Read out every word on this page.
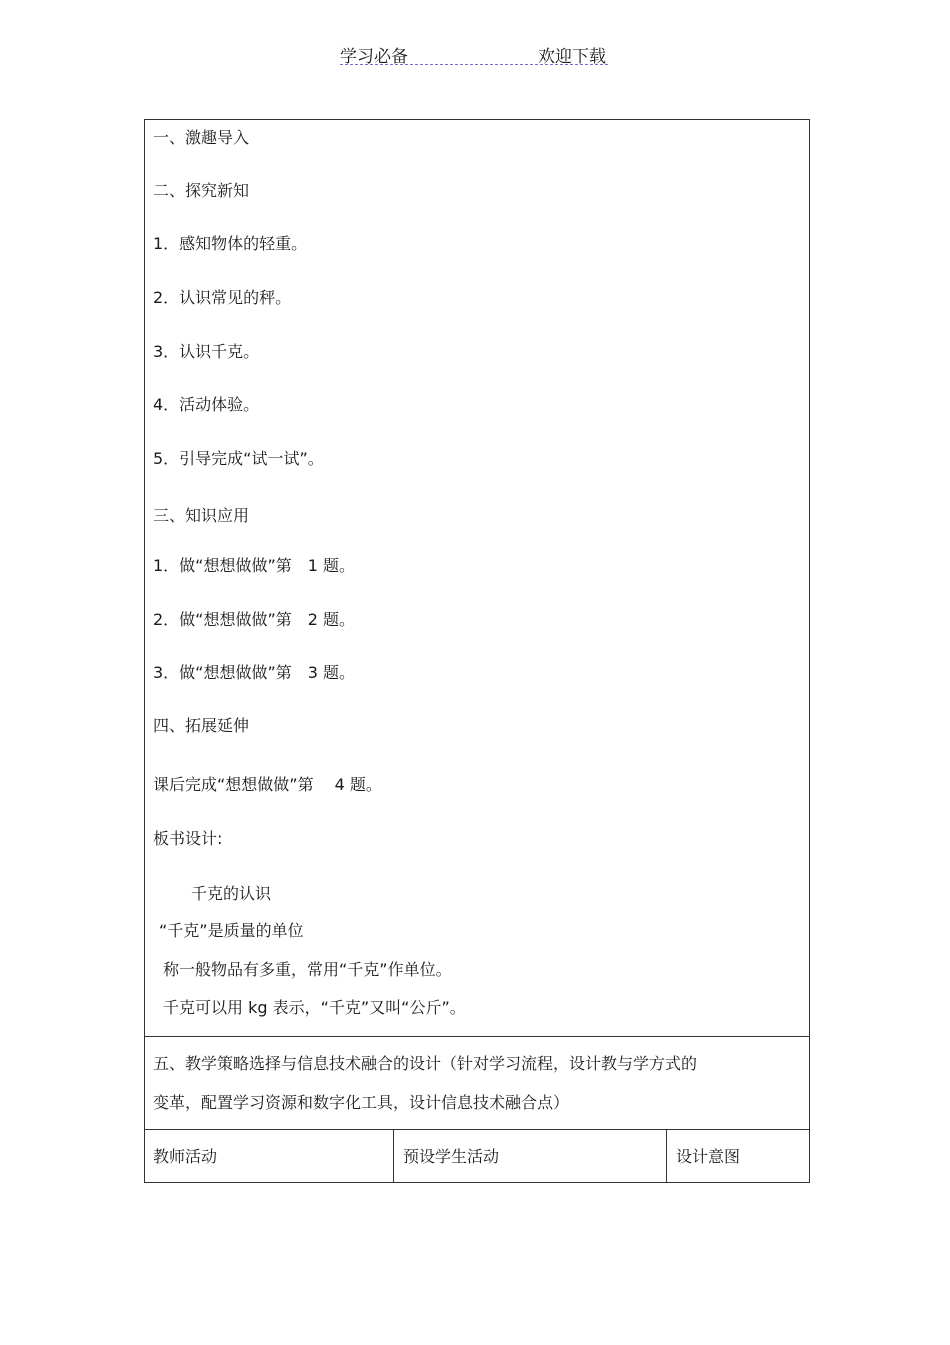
学习必备	欢迎下载
一、激趣导入
二、探究新知
1．感知物体的轻重。
2．认识常见的秤。
3．认识千克。
4．活动体验。
5．引导完成“试一试”。
三、知识应用
1．做“想想做做”第　1 题。
2．做“想想做做”第　2 题。
3．做“想想做做”第　3 题。
四、拓展延伸
课后完成“想想做做”第　 4 题。
板书设计:
千克的认识
“千克”是质量的单位
称一般物品有多重，常用“千克”作单位。
千克可以用 kg 表示，“千克”又叫“公斤”。
五、教学策略选择与信息技术融合的设计（针对学习流程，设计教与学方式的
变革，配置学习资源和数字化工具，设计信息技术融合点）
教师活动	预设学生活动	设计意图
